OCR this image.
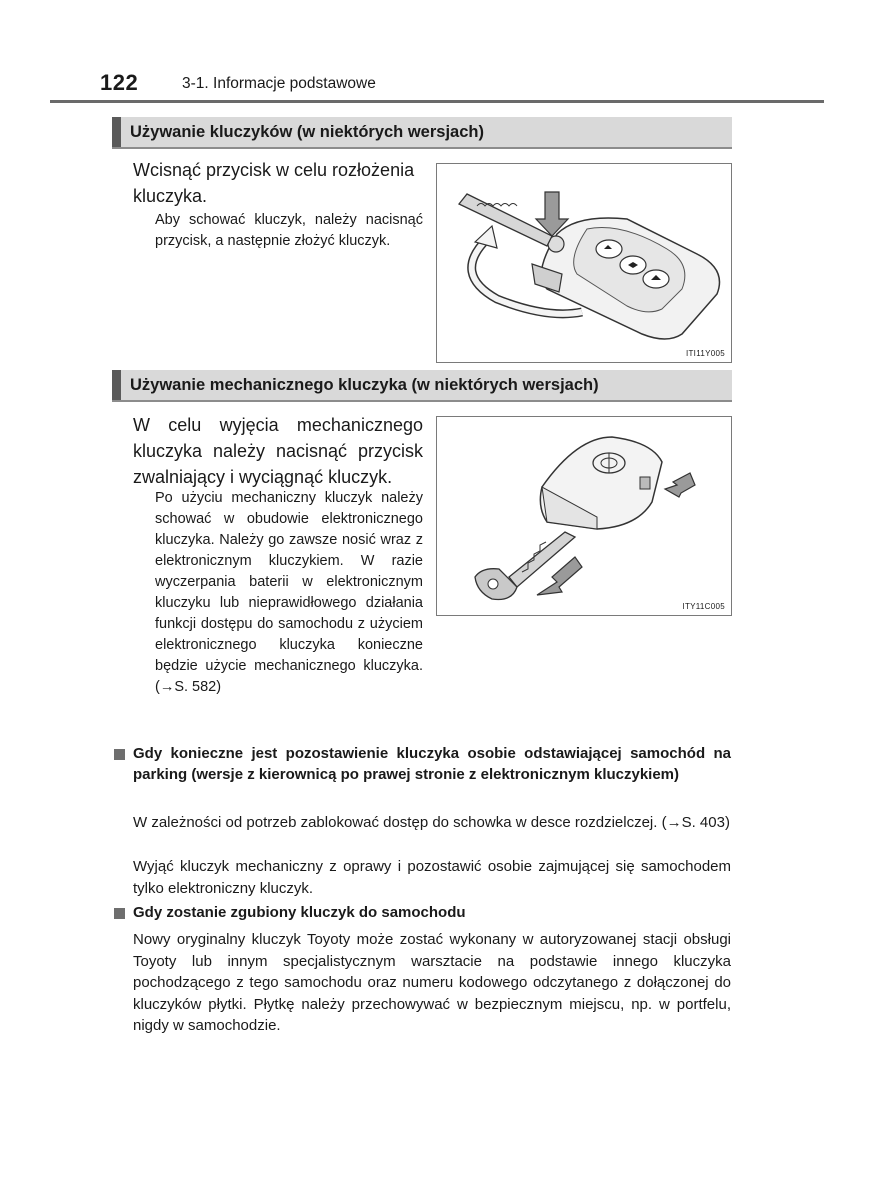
122	3-1. Informacje podstawowe
Używanie kluczyków (w niektórych wersjach)

Wcisnąć przycisk w celu rozłożenia kluczyka.

Aby schować kluczyk, należy nacisnąć przycisk, a następnie złożyć kluczyk.

ITI11Y005
Używanie mechanicznego kluczyka (w niektórych wersjach)

W celu wyjęcia mechanicznego kluczyka należy nacisnąć przycisk zwalniający i wyciągnąć kluczyk.

Po użyciu mechaniczny kluczyk należy schować w obudowie elektronicznego kluczyka. Należy go zawsze nosić wraz z elektronicznym kluczykiem. W razie wyczerpania baterii w elektronicznym kluczyku lub nieprawidłowego działania funkcji dostępu do samochodu z użyciem elektronicznego kluczyka konieczne będzie użycie mechanicznego kluczyka. (→S. 582)

ITY11C005

Gdy konieczne jest pozostawienie kluczyka osobie odstawiającej samochód na parking (wersje z kierownicą po prawej stronie z elektronicznym kluczykiem)

W zależności od potrzeb zablokować dostęp do schowka w desce rozdzielczej. (→S. 403)

Wyjąć kluczyk mechaniczny z oprawy i pozostawić osobie zajmującej się samochodem tylko elektroniczny kluczyk.

Gdy zostanie zgubiony kluczyk do samochodu

Nowy oryginalny kluczyk Toyoty może zostać wykonany w autoryzowanej stacji obsługi Toyoty lub innym specjalistycznym warsztacie na podstawie innego kluczyka pochodzącego z tego samochodu oraz numeru kodowego odczytanego z dołączonej do kluczyków płytki. Płytkę należy przechowywać w bezpiecznym miejscu, np. w portfelu, nigdy w samochodzie.
